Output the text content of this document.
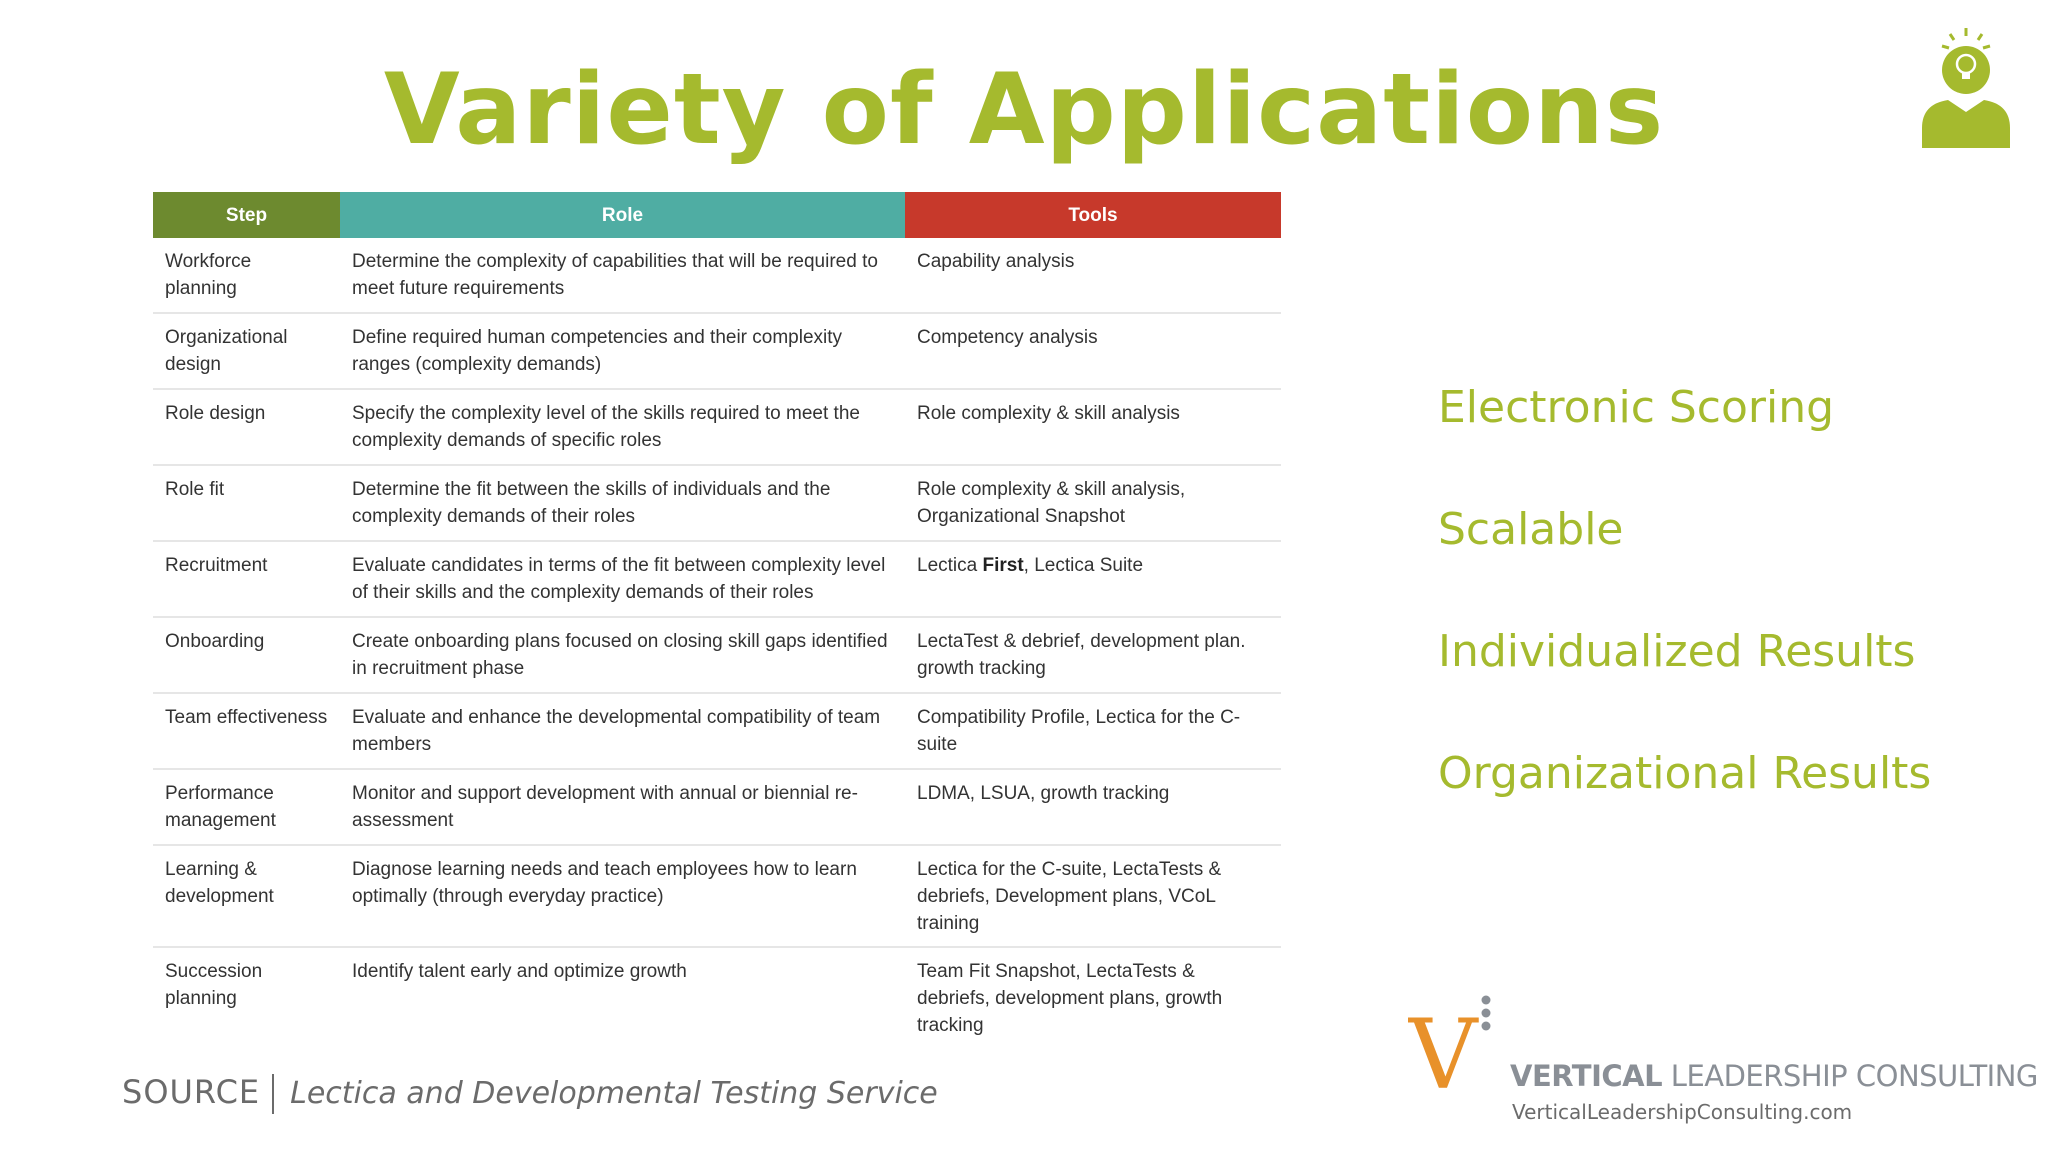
Variety of Applications
Step	Role	Tools
Workforce planning	Determine the complexity of capabilities that will be required to meet future requirements	Capability analysis
Organizational design	Define required human competencies and their complexity ranges (complexity demands)	Competency analysis
Role design	Specify the complexity level of the skills required to meet the complexity demands of specific roles	Role complexity & skill analysis
Role fit	Determine the fit between the skills of individuals and the complexity demands of their roles	Role complexity & skill analysis, Organizational Snapshot
Recruitment	Evaluate candidates in terms of the fit between complexity level of their skills and the complexity demands of their roles	Lectica First, Lectica Suite
Onboarding	Create onboarding plans focused on closing skill gaps identified in recruitment phase	LectaTest & debrief, development plan. growth tracking
Team effectiveness	Evaluate and enhance the developmental compatibility of team members	Compatibility Profile, Lectica for the C-suite
Performance management	Monitor and support development with annual or biennial re-assessment	LDMA, LSUA, growth tracking
Learning & development	Diagnose learning needs and teach employees how to learn optimally (through everyday practice)	Lectica for the C-suite, LectaTests & debriefs, Development plans, VCoL training
Succession planning	Identify talent early and optimize growth	Team Fit Snapshot, LectaTests & debriefs, development plans, growth tracking
Electronic Scoring
Scalable
Individualized Results
Organizational Results
SOURCE Lectica and Developmental Testing Service	V VERTICAL LEADERSHIP CONSULTING
VerticalLeadershipConsulting.com
